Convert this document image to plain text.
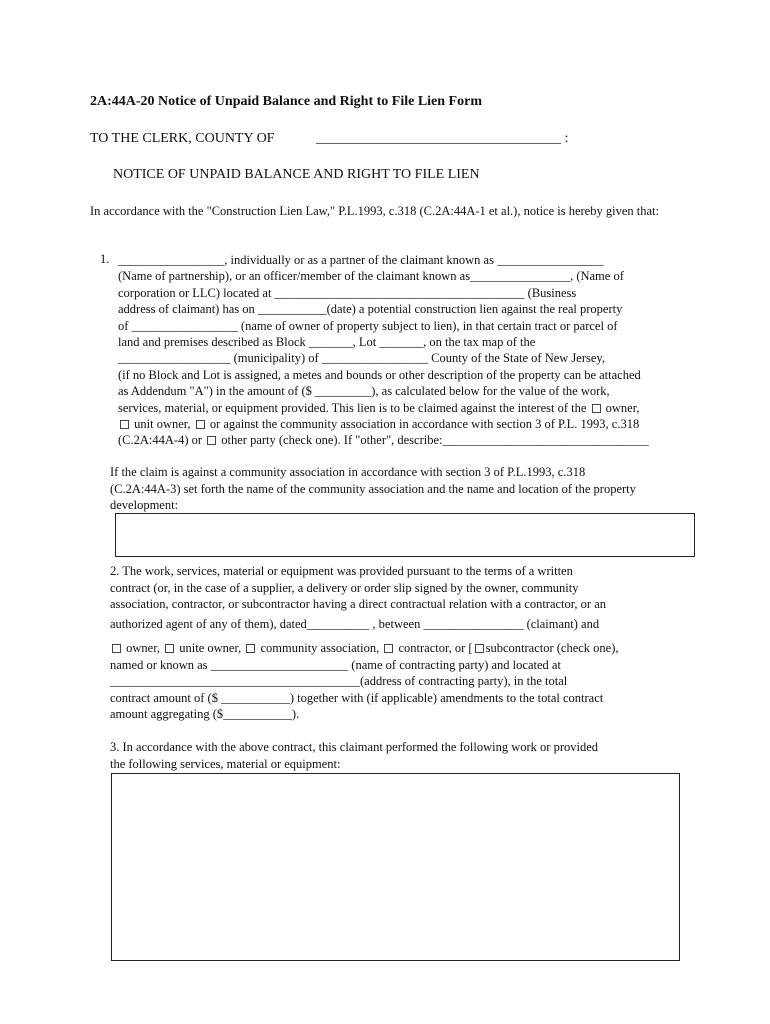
2A:44A-20 Notice of Unpaid Balance and Right to File Lien Form
TO THE CLERK, COUNTY OF	___________________________________ :
NOTICE OF UNPAID BALANCE AND RIGHT TO FILE LIEN
In accordance with the "Construction Lien Law," P.L.1993, c.318 (C.2A:44A-1 et al.), notice is hereby given that:
1. _________________, individually or as a partner of the claimant known as _________________
(Name of partnership), or an officer/member of the claimant known as________________, (Name of
corporation or LLC) located at ________________________________________ (Business
address of claimant) has on ___________(date) a potential construction lien against the real property
of _________________ (name of owner of property subject to lien), in that certain tract or parcel of
land and premises described as Block _______, Lot _______, on the tax map of the
__________________ (municipality) of _________________ County of the State of New Jersey,
(if no Block and Lot is assigned, a metes and bounds or other description of the property can be attached
as Addendum "A") in the amount of ($ _________), as calculated below for the value of the work,
services, material, or equipment provided. This lien is to be claimed against the interest of the owner,
unit owner, or against the community association in accordance with section 3 of P.L. 1993, c.318
(C.2A:44A-4) or other party (check one). If "other", describe:_________________________________
If the claim is against a community association in accordance with section 3 of P.L.1993, c.318
(C.2A:44A-3) set forth the name of the community association and the name and location of the property
development:
2. The work, services, material or equipment was provided pursuant to the terms of a written
contract (or, in the case of a supplier, a delivery or order slip signed by the owner, community
association, contractor, or subcontractor having a direct contractual relation with a contractor, or an
authorized agent of any of them), dated__________ , between ________________ (claimant) and
owner, unite owner, community association, contractor, or [ subcontractor (check one),
named or known as ______________________ (name of contracting party) and located at
________________________________________(address of contracting party), in the total
contract amount of ($ ___________) together with (if applicable) amendments to the total contract
amount aggregating ($___________).
3. In accordance with the above contract, this claimant performed the following work or provided
the following services, material or equipment:
